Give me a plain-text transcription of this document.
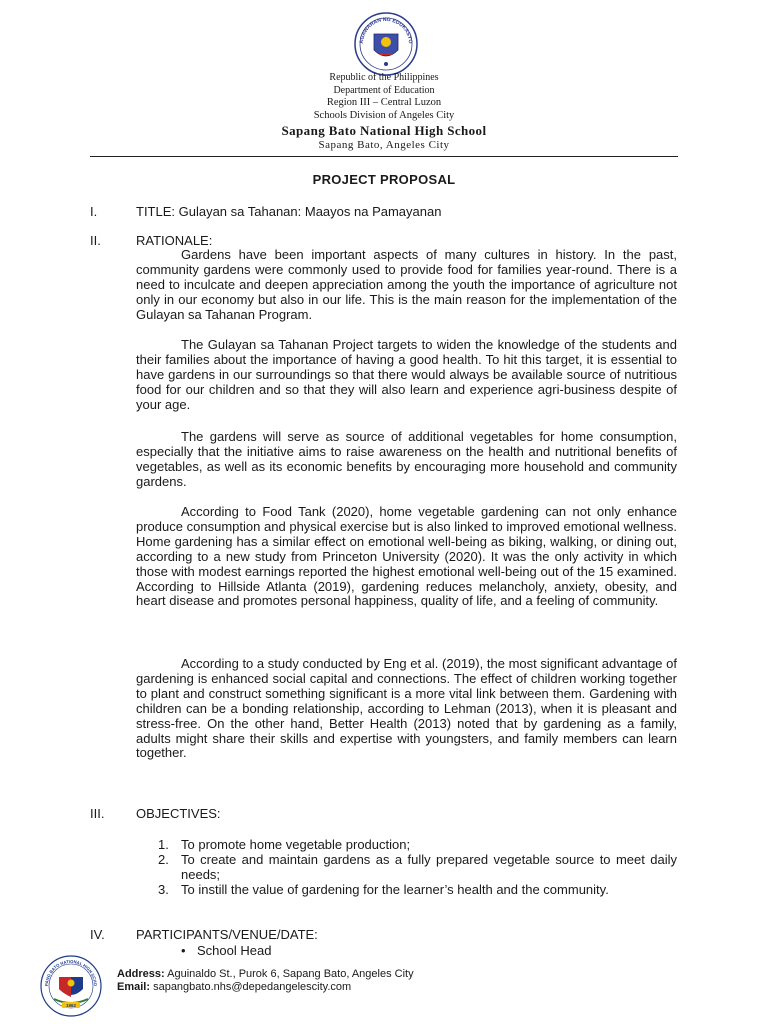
AGAWARAN NG EDUKASYO
Republic of the Philippines
Department of Education
Region III – Central Luzon
Schools Division of Angeles City
Sapang Bato National High School
Sapang Bato, Angeles City
PROJECT PROPOSAL
I.	TITLE: Gulayan sa Tahanan: Maayos na Pamayanan
II.	RATIONALE:

Gardens have been important aspects of many cultures in history. In the past, community gardens were commonly used to provide food for families year-round. There is a need to inculcate and deepen appreciation among the youth the importance of agriculture not only in our economy but also in our life. This is the main reason for the implementation of the Gulayan sa Tahanan Program.

The Gulayan sa Tahanan Project targets to widen the knowledge of the students and their families about the importance of having a good health. To hit this target, it is essential to have gardens in our surroundings so that there would always be available source of nutritious food for our children and so that they will also learn and experience agri-business despite of your age.

The gardens will serve as source of additional vegetables for home consumption, especially that the initiative aims to raise awareness on the health and nutritional benefits of vegetables, as well as its economic benefits by encouraging more household and community gardens.

According to Food Tank (2020), home vegetable gardening can not only enhance produce consumption and physical exercise but is also linked to improved emotional wellness. Home gardening has a similar effect on emotional well-being as biking, walking, or dining out, according to a new study from Princeton University (2020). It was the only activity in which those with modest earnings reported the highest emotional well-being out of the 15 examined. According to Hillside Atlanta (2019), gardening reduces melancholy, anxiety, obesity, and heart disease and promotes personal happiness, quality of life, and a feeling of community.

According to a study conducted by Eng et al. (2019), the most significant advantage of gardening is enhanced social capital and connections. The effect of children working together to plant and construct something significant is a more vital link between them. Gardening with children can be a bonding relationship, according to Lehman (2013), when it is pleasant and stress-free. On the other hand, Better Health (2013) noted that by gardening as a family, adults might share their skills and expertise with youngsters, and family members can learn together.

III. OBJECTIVES:
1. To promote home vegetable production;
2. To create and maintain gardens as a fully prepared vegetable source to meet daily needs;
3. To instill the value of gardening for the learner’s health and the community.
IV. PARTICIPANTS/VENUE/DATE:
• School Head
PANG BATO NATIONAL HIGH SCHO
1962
Address: Aguinaldo St., Purok 6, Sapang Bato, Angeles City
Email: sapangbato.nhs@depedangelescity.com
